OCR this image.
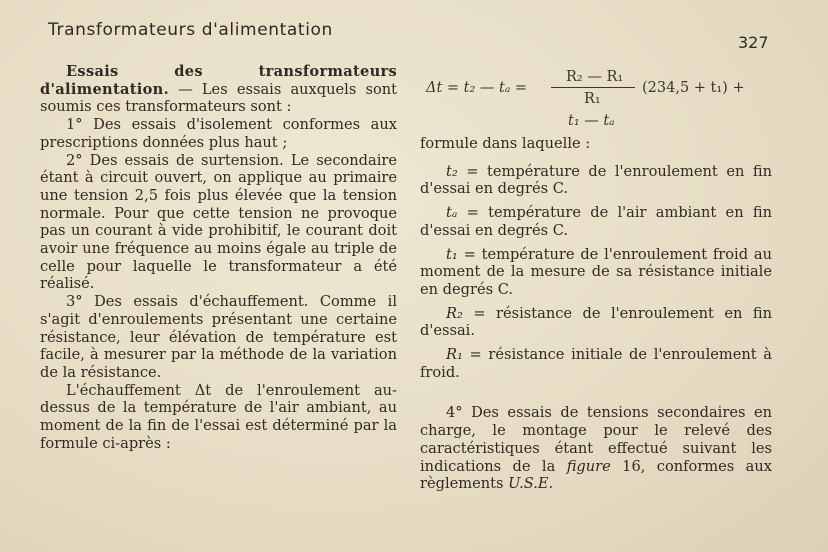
Transformateurs d'alimentation
327

Essais des transformateurs d'alimentation. — Les essais auxquels sont soumis ces transformateurs sont :

1° Des essais d'isolement conformes aux prescriptions données plus haut ;

2° Des essais de surtension. Le secondaire étant à circuit ouvert, on applique au primaire une tension 2,5 fois plus élevée que la tension normale. Pour que cette tension ne provoque pas un courant à vide prohibitif, le courant doit avoir une fréquence au moins égale au triple de celle pour laquelle le transformateur a été réalisé.

3° Des essais d'échauffement. Comme il s'agit d'enroulements présentant une certaine résistance, leur élévation de température est facile, à mesurer par la méthode de la variation de la résistance.

L'échauffement Δt de l'enroulement au-dessus de la température de l'air ambiant, au moment de la fin de l'essai est déterminé par la formule ci-après :

Δt = t₂ — tₐ =
R₂ — R₁
R₁
(234,5 + t₁) +
t₁ — tₐ

formule dans laquelle :

t₂ = température de l'enroulement en fin d'essai en degrés C.

tₐ = température de l'air ambiant en fin d'essai en degrés C.

t₁ = température de l'enroulement froid au moment de la mesure de sa résistance initiale en degrés C.

R₂ = résistance de l'enroulement en fin d'essai.

R₁ = résistance initiale de l'enroulement à froid.

4° Des essais de tensions secondaires en charge, le montage pour le relevé des caractéristiques étant effectué suivant les indications de la figure 16, conformes aux règlements U.S.E.
